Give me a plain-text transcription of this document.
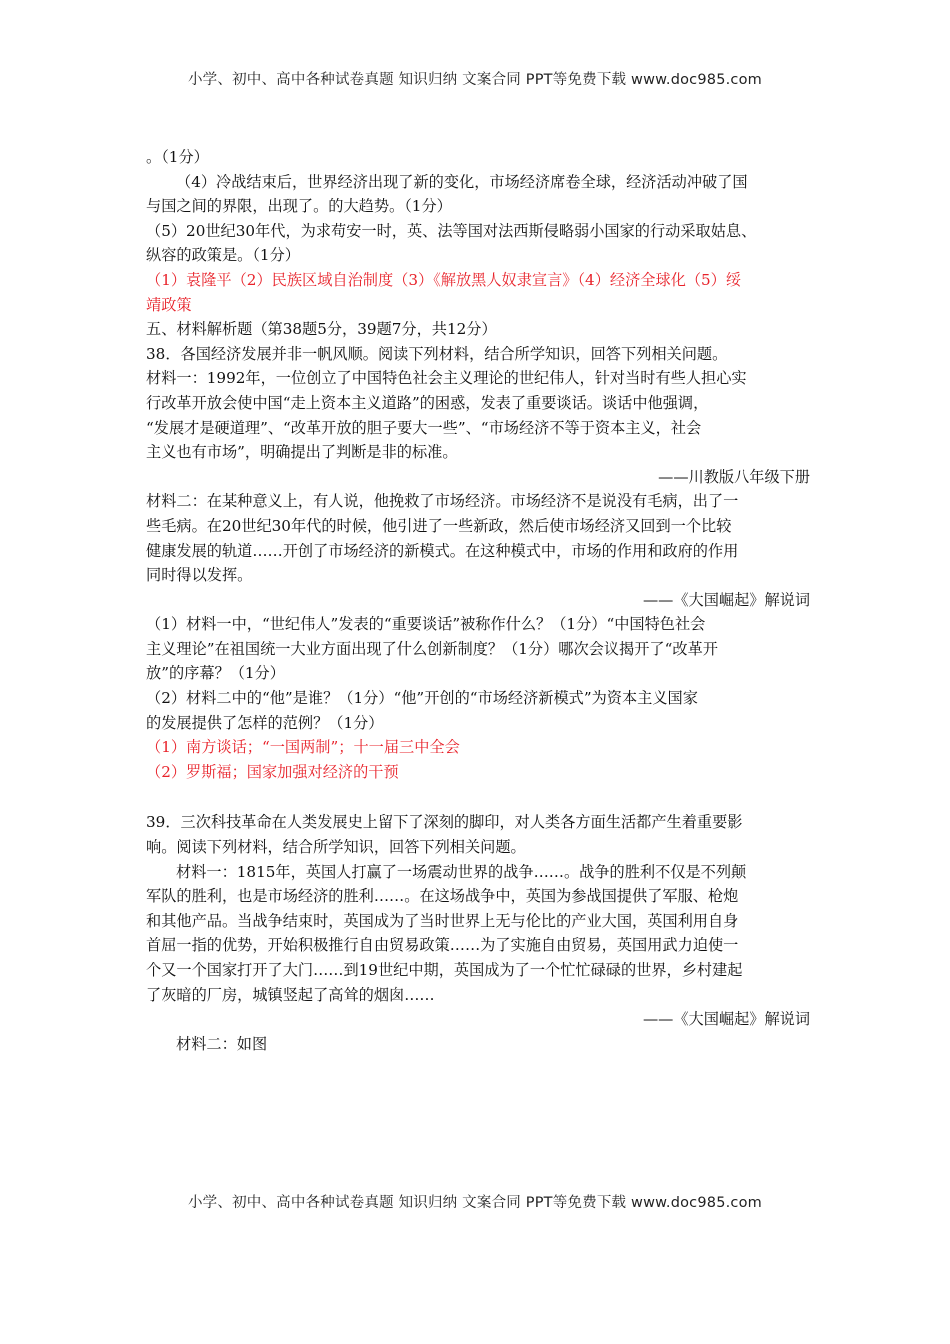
小学、初中、高中各种试卷真题 知识归纳 文案合同 PPT等免费下载 www.doc985.com
。（1分）
（4）冷战结束后，世界经济出现了新的变化，市场经济席卷全球，经济活动冲破了国
与国之间的界限，出现了。的大趋势。（1分）
（5）20世纪30年代，为求苟安一时，英、法等国对法西斯侵略弱小国家的行动采取姑息、
纵容的政策是。（1分）
（1）袁隆平（2）民族区域自治制度（3）《解放黑人奴隶宣言》（4）经济全球化（5）绥
靖政策
五、材料解析题（第38题5分，39题7分，共12分）
38．各国经济发展并非一帆风顺。阅读下列材料，结合所学知识，回答下列相关问题。
材料一：1992年，一位创立了中国特色社会主义理论的世纪伟人，针对当时有些人担心实
行改革开放会使中国“走上资本主义道路”的困惑，发表了重要谈话。谈话中他强调，
“发展才是硬道理”、“改革开放的胆子要大一些”、“市场经济不等于资本主义，社会
主义也有市场”，明确提出了判断是非的标准。
——川教版八年级下册
材料二：在某种意义上，有人说，他挽救了市场经济。市场经济不是说没有毛病，出了一
些毛病。在20世纪30年代的时候，他引进了一些新政，然后使市场经济又回到一个比较
健康发展的轨道……开创了市场经济的新模式。在这种模式中，市场的作用和政府的作用
同时得以发挥。
——《大国崛起》解说词
（1）材料一中，“世纪伟人”发表的“重要谈话”被称作什么？（1分）“中国特色社会
主义理论”在祖国统一大业方面出现了什么创新制度？（1分）哪次会议揭开了“改革开
放”的序幕？（1分）
（2）材料二中的“他”是谁？（1分）“他”开创的“市场经济新模式”为资本主义国家
的发展提供了怎样的范例？（1分）
（1）南方谈话；“一国两制”；十一届三中全会
（2）罗斯福；国家加强对经济的干预
39．三次科技革命在人类发展史上留下了深刻的脚印，对人类各方面生活都产生着重要影
响。阅读下列材料，结合所学知识，回答下列相关问题。
材料一：1815年，英国人打赢了一场震动世界的战争……。战争的胜利不仅是不列颠
军队的胜利，也是市场经济的胜利……。在这场战争中，英国为参战国提供了军服、枪炮
和其他产品。当战争结束时，英国成为了当时世界上无与伦比的产业大国，英国利用自身
首屈一指的优势，开始积极推行自由贸易政策……为了实施自由贸易，英国用武力迫使一
个又一个国家打开了大门……到19世纪中期，英国成为了一个忙忙碌碌的世界，乡村建起
了灰暗的厂房，城镇竖起了高耸的烟囱……
——《大国崛起》解说词
材料二：如图
小学、初中、高中各种试卷真题 知识归纳 文案合同 PPT等免费下载 www.doc985.com
